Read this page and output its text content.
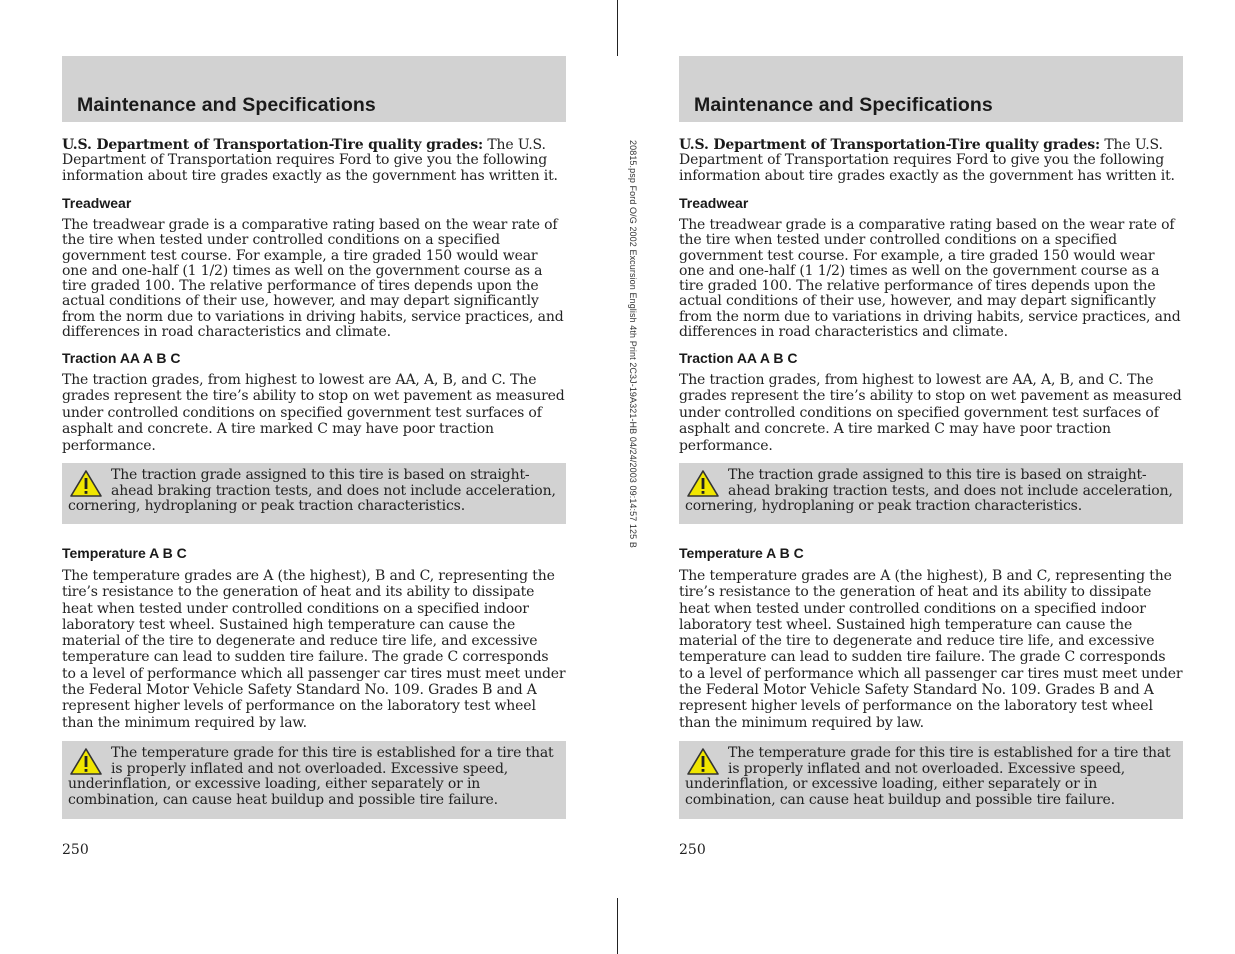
20815.psp Ford O/G 2002 Excursion English 4th Print 2C3J-19A321-HB 04/24/2003 09:14:57 125 B
Maintenance and Specifications

U.S. Department of Transportation-Tire quality grades: The U.S. Department of Transportation requires Ford to give you the following information about tire grades exactly as the government has written it.

Treadwear

The treadwear grade is a comparative rating based on the wear rate of the tire when tested under controlled conditions on a specified government test course. For example, a tire graded 150 would wear one and one-half (1 1/2) times as well on the government course as a tire graded 100. The relative performance of tires depends upon the actual conditions of their use, however, and may depart significantly from the norm due to variations in driving habits, service practices, and differences in road characteristics and climate.

Traction AA A B C

The traction grades, from highest to lowest are AA, A, B, and C. The grades represent the tire’s ability to stop on wet pavement as measured under controlled conditions on specified government test surfaces of asphalt and concrete. A tire marked C may have poor traction performance.

The traction grade assigned to this tire is based on straight-ahead braking traction tests, and does not include acceleration, cornering, hydroplaning or peak traction characteristics.
Temperature A B C

The temperature grades are A (the highest), B and C, representing the tire’s resistance to the generation of heat and its ability to dissipate heat when tested under controlled conditions on a specified indoor laboratory test wheel. Sustained high temperature can cause the material of the tire to degenerate and reduce tire life, and excessive temperature can lead to sudden tire failure. The grade C corresponds to a level of performance which all passenger car tires must meet under the Federal Motor Vehicle Safety Standard No. 109. Grades B and A represent higher levels of performance on the laboratory test wheel than the minimum required by law.

The temperature grade for this tire is established for a tire that is properly inflated and not overloaded. Excessive speed, underinflation, or excessive loading, either separately or in combination, can cause heat buildup and possible tire failure.
250
Maintenance and Specifications

U.S. Department of Transportation-Tire quality grades: The U.S. Department of Transportation requires Ford to give you the following information about tire grades exactly as the government has written it.

Treadwear

The treadwear grade is a comparative rating based on the wear rate of the tire when tested under controlled conditions on a specified government test course. For example, a tire graded 150 would wear one and one-half (1 1/2) times as well on the government course as a tire graded 100. The relative performance of tires depends upon the actual conditions of their use, however, and may depart significantly from the norm due to variations in driving habits, service practices, and differences in road characteristics and climate.

Traction AA A B C

The traction grades, from highest to lowest are AA, A, B, and C. The grades represent the tire’s ability to stop on wet pavement as measured under controlled conditions on specified government test surfaces of asphalt and concrete. A tire marked C may have poor traction performance.

The traction grade assigned to this tire is based on straight-ahead braking traction tests, and does not include acceleration, cornering, hydroplaning or peak traction characteristics.
Temperature A B C

The temperature grades are A (the highest), B and C, representing the tire’s resistance to the generation of heat and its ability to dissipate heat when tested under controlled conditions on a specified indoor laboratory test wheel. Sustained high temperature can cause the material of the tire to degenerate and reduce tire life, and excessive temperature can lead to sudden tire failure. The grade C corresponds to a level of performance which all passenger car tires must meet under the Federal Motor Vehicle Safety Standard No. 109. Grades B and A represent higher levels of performance on the laboratory test wheel than the minimum required by law.

The temperature grade for this tire is established for a tire that is properly inflated and not overloaded. Excessive speed, underinflation, or excessive loading, either separately or in combination, can cause heat buildup and possible tire failure.
250
